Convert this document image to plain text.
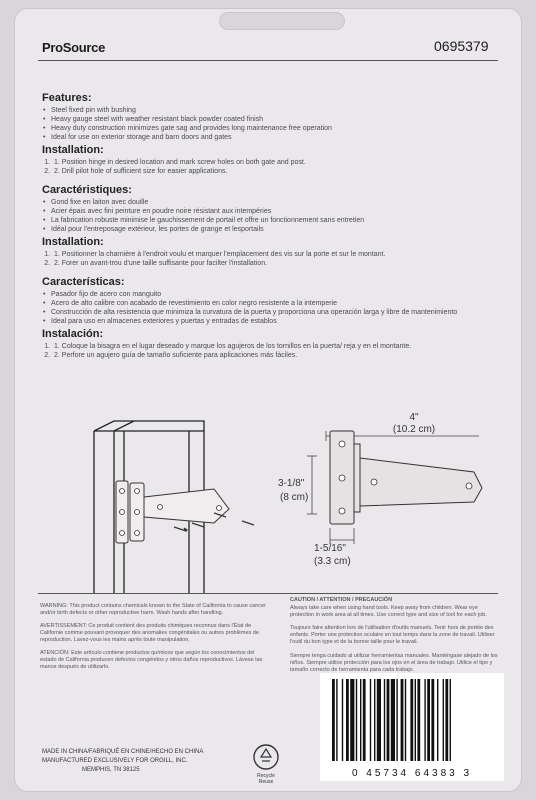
ProSource	0695379
Features:
• Steel fixed pin with bushing
• Heavy gauge steel with weather resistant black powder coated finish
• Heavy duty construction minimizes gate sag and provides long maintenance free operation
• Ideal for use on exterior storage and barn doors and gates
Installation:
1. 1. Position hinge in desired location and mark screw holes on both gate and post.
2. 2. Drill pilot hole of sufficient size for easier applications.
Caractéristiques:
• Gond fixe en laiton avec douille
• Acier épais avec fini peinture en poudre noire résistant aux intempéries
• La fabrication robuste minimise le gauchissement de portail et offre un fonctionnement sans entretien
• Idéal pour l'entreposage extérieur, les portes de grange et lesportails
Installation:
1. 1. Positionner la charnière à l'endroit voulu et marquer l'emplacement des vis sur la porte et sur le montant.
2. 2. Forer un avant-trou d'une taille suffisante pour facilter l'installation.
Características:
• Pasador fijo de acero con manguito
• Acero de alto calibre con acabado de revestimiento en color negro resistente a la intemperie
• Construcción de alta resistencia que minimiza la curvatura de la puerta y proporciona una operación larga y libre de mantenimiento
• Ideal para uso en almacenes exteriores y puertas y entradas de establos
Instalación:
1. 1. Coloque la bisagra en el lugar deseado y marque los agujeros de los tornillos en la puerta/ reja y en el montante.
2. 2. Perfore un agujero guía de tamaño suficiente para aplicaciones más fáciles.
4"
(10.2 cm)
3-1/8"
(8 cm)
1-5/16"
(3.3 cm)
WARNING: This product contains chemicals known to the State of California to cause cancer and/or birth defects or other reproductive harm. Wash hands after handling.
AVERTISSEMENT: Ce produit contient des produits chimiques reconnus dans l'État de Californie comme pouvant provoquer des anomalies congénitales ou autres problèmes de reproduction. Lavez-vous les mains après toute manipulation.
ATENCIÓN: Este artículo contiene productos químicos que según los conocimientos del estado de California producen defectos congénitos y otros daños reproductivos. Lávese las manos después de utilizarlo.
CAUTION / ATTENTION / PRECAUCIÓN
Always take care when using hand tools. Keep away from children. Wear eye protection in work area at all times. Use correct type and size of tool for each job.
Toujours faire attention lors de l'utilisation d'outils manuels. Tenir hors de portée des enfants. Porter une protection oculaire en tout temps dans la zone de travail. Utiliser l'outil du bon type et de la bonne taille pour le travail.
Siempre tenga cuidado al utilizar herramientas manuales. Manténgase alejado de los niños. Siempre utilice protección para los ojos en el área de trabajo. Utilice el tipo y tamaño correcto de herramienta para cada trabajo.
0 45734 64383 3
Recycle
Reuse
MADE IN CHINA/FABRIQUÉ EN CHINE/HECHO EN CHINA
MANUFACTURED EXCLUSIVELY FOR ORGILL, INC.
MEMPHIS, TN 38125
